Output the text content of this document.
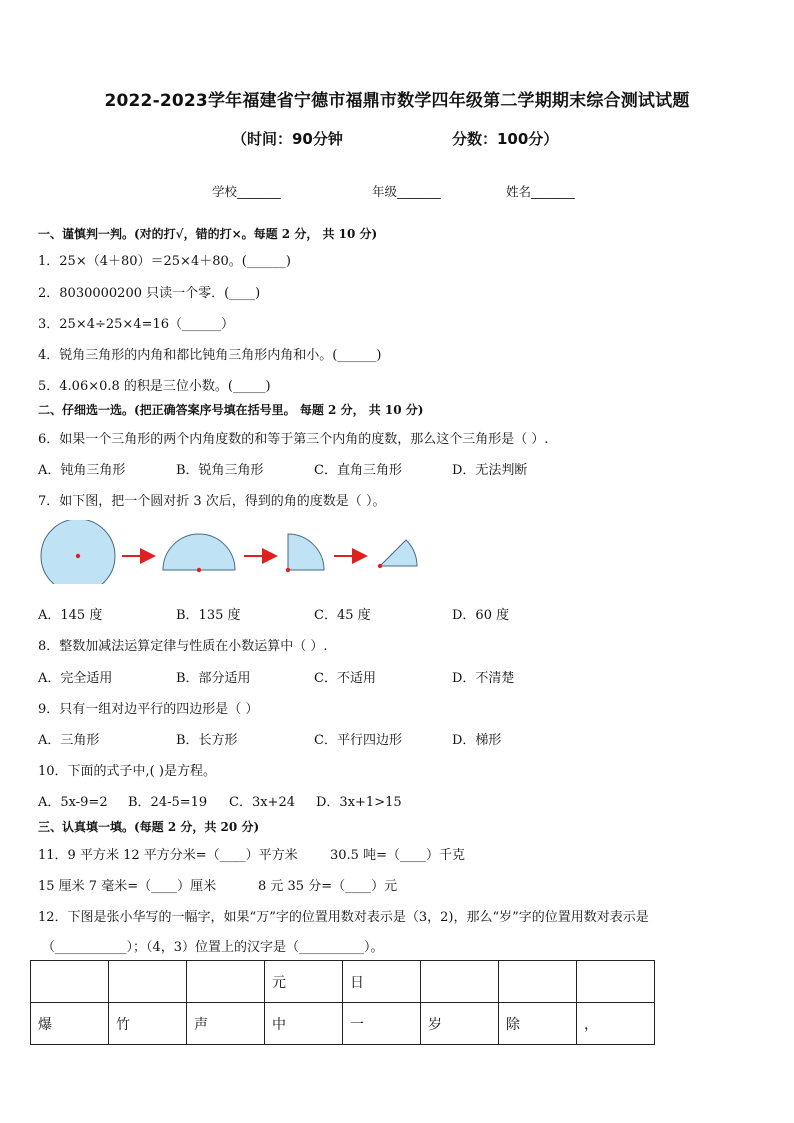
2022-2023学年福建省宁德市福鼎市数学四年级第二学期期末综合测试试题
（时间：90分钟	分数：100分）
学校_______	年级_______	姓名_______
一、谨慎判一判。(对的打√，错的打×。每题 2 分， 共 10 分)
1．25×（4＋80）＝25×4＋80。(______)
2．8030000200 只读一个零．(____)
3．25×4÷25×4=16（______）
4．锐角三角形的内角和都比钝角三角形内角和小。(______)
5．4.06×0.8 的积是三位小数。(_____)
二、仔细选一选。(把正确答案序号填在括号里。 每题 2 分， 共 10 分)
6．如果一个三角形的两个内角度数的和等于第三个内角的度数，那么这个三角形是（ ）.
A．钝角三角形	B．锐角三角形	C．直角三角形	D．无法判断
7．如下图，把一个圆对折 3 次后，得到的角的度数是（ ）。
A．145 度	B．135 度	C．45 度	D．60 度
8．整数加减法运算定律与性质在小数运算中（ ）.
A．完全适用	B．部分适用	C．不适用	D．不清楚
9．只有一组对边平行的四边形是（ ）
A．三角形	B．长方形	C．平行四边形	D．梯形
10．下面的式子中,( )是方程。
A．5x-9=2 B．24-5=19 C．3x+24 D．3x+1>15
三、认真填一填。(每题 2 分，共 20 分)
11．9 平方米 12 平方分米=（____）平方米 30.5 吨=（____）千克
15 厘米 7 毫米=（____）厘米	8 元 35 分=（____）元
12．下图是张小华写的一幅字，如果“万”字的位置用数对表示是（3，2)，那么“岁”字的位置用数对表示是
（___________）；（4，3）位置上的汉字是（__________）。
			元	日			
爆	竹	声	中	一	岁	除	，
